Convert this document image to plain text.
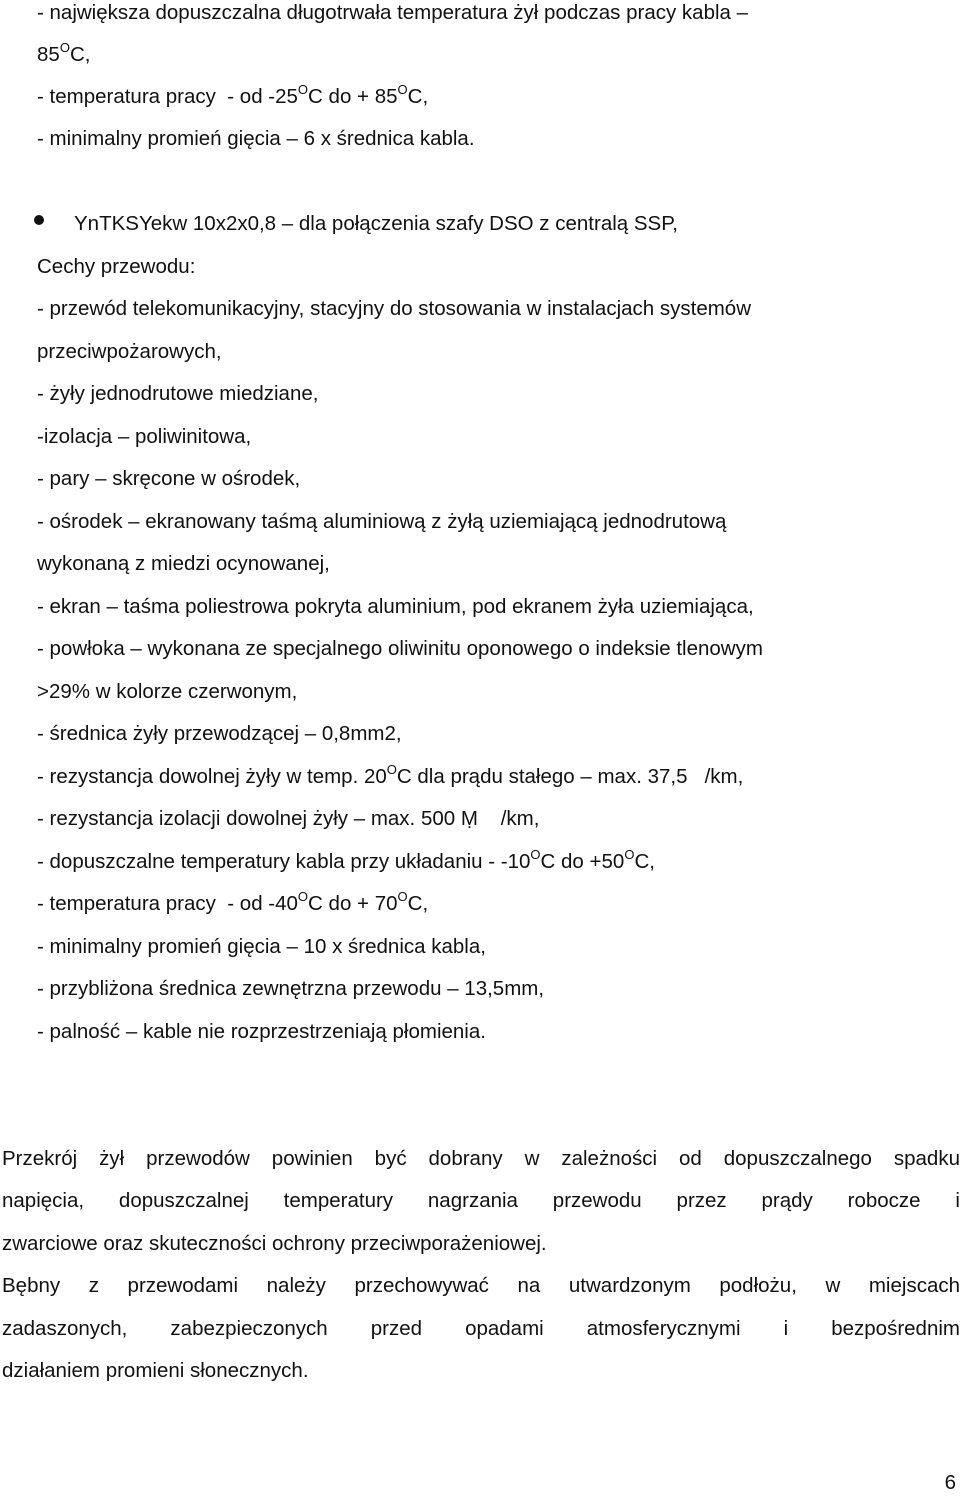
- największa dopuszczalna długotrwała temperatura żył podczas pracy kabla –
$85^OC$,
- temperatura pracy  - od $-25^OC$ do + $85^OC$,
- minimalny promień gięcia – 6 x średnica kabla.
YnTKSYekw 10x2x0,8 – dla połączenia szafy DSO z centralą SSP,
Cechy przewodu:
- przewód telekomunikacyjny, stacyjny do stosowania w instalacjach systemów
przeciwpożarowych,
- żyły jednodrutowe miedziane,
-izolacja – poliwinitowa,
- pary – skręcone w ośrodek,
- ośrodek – ekranowany taśmą aluminiową z żyłą uziemiającą jednodrutową
wykonaną z miedzi ocynowanej,
- ekran – taśma poliestrowa pokryta aluminium, pod ekranem żyła uziemiająca,
- powłoka – wykonana ze specjalnego oliwinitu oponowego o indeksie tlenowym
>29% w kolorze czerwonym,
- średnica żyły przewodzącej – 0,8mm2,
- rezystancja dowolnej żyły w temp. $20^OC$ dla prądu stałego – max. 37,5   /km,
- rezystancja izolacji dowolnej żyły – max. 500 Ṃ    /km,
- dopuszczalne temperatury kabla przy układaniu - $-10^OC$ do $+50^OC$,
- temperatura pracy  - od $-40^OC$ do + $70^OC$,
- minimalny promień gięcia – 10 x średnica kabla,
- przybliżona średnica zewnętrzna przewodu – 13,5mm,
- palność – kable nie rozprzestrzeniają płomienia.
Przekrój żył przewodów powinien być dobrany w zależności od dopuszczalnego spadku
napięcia, dopuszczalnej temperatury nagrzania przewodu przez prądy robocze i
zwarciowe oraz skuteczności ochrony przeciwporażeniowej.
Bębny z przewodami należy przechowywać na utwardzonym podłożu, w miejscach
zadaszonych, zabezpieczonych przed opadami atmosferycznymi i bezpośrednim
działaniem promieni słonecznych.
6
